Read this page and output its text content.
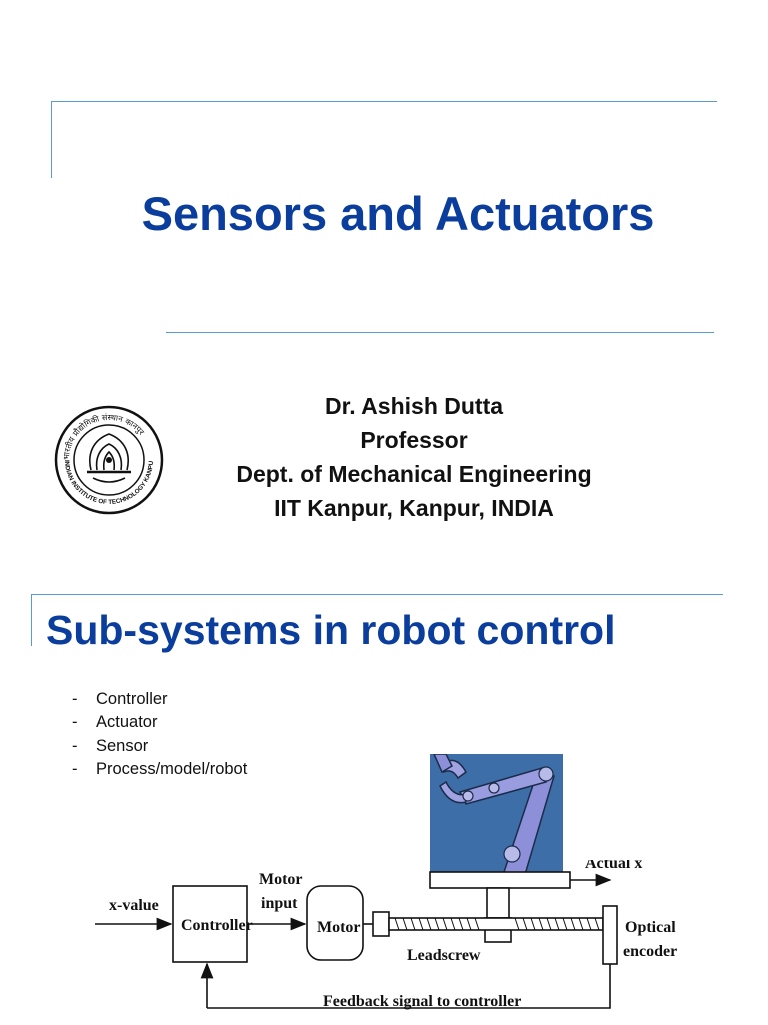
Sensors and Actuators
भारतीय प्रौद्योगिकी संस्थान कानपुर
INDIAN INSTITUTE OF TECHNOLOGY KANPU
Dr. Ashish Dutta
Professor
Dept. of Mechanical Engineering
IIT Kanpur, Kanpur, INDIA
Sub-systems in robot control
-	Controller
-	Actuator
-	Sensor
-	Process/model/robot
x-value
Controller
Motor
input
Motor
Leadscrew
Optical
encoder
Actual x
Feedback signal to controller
